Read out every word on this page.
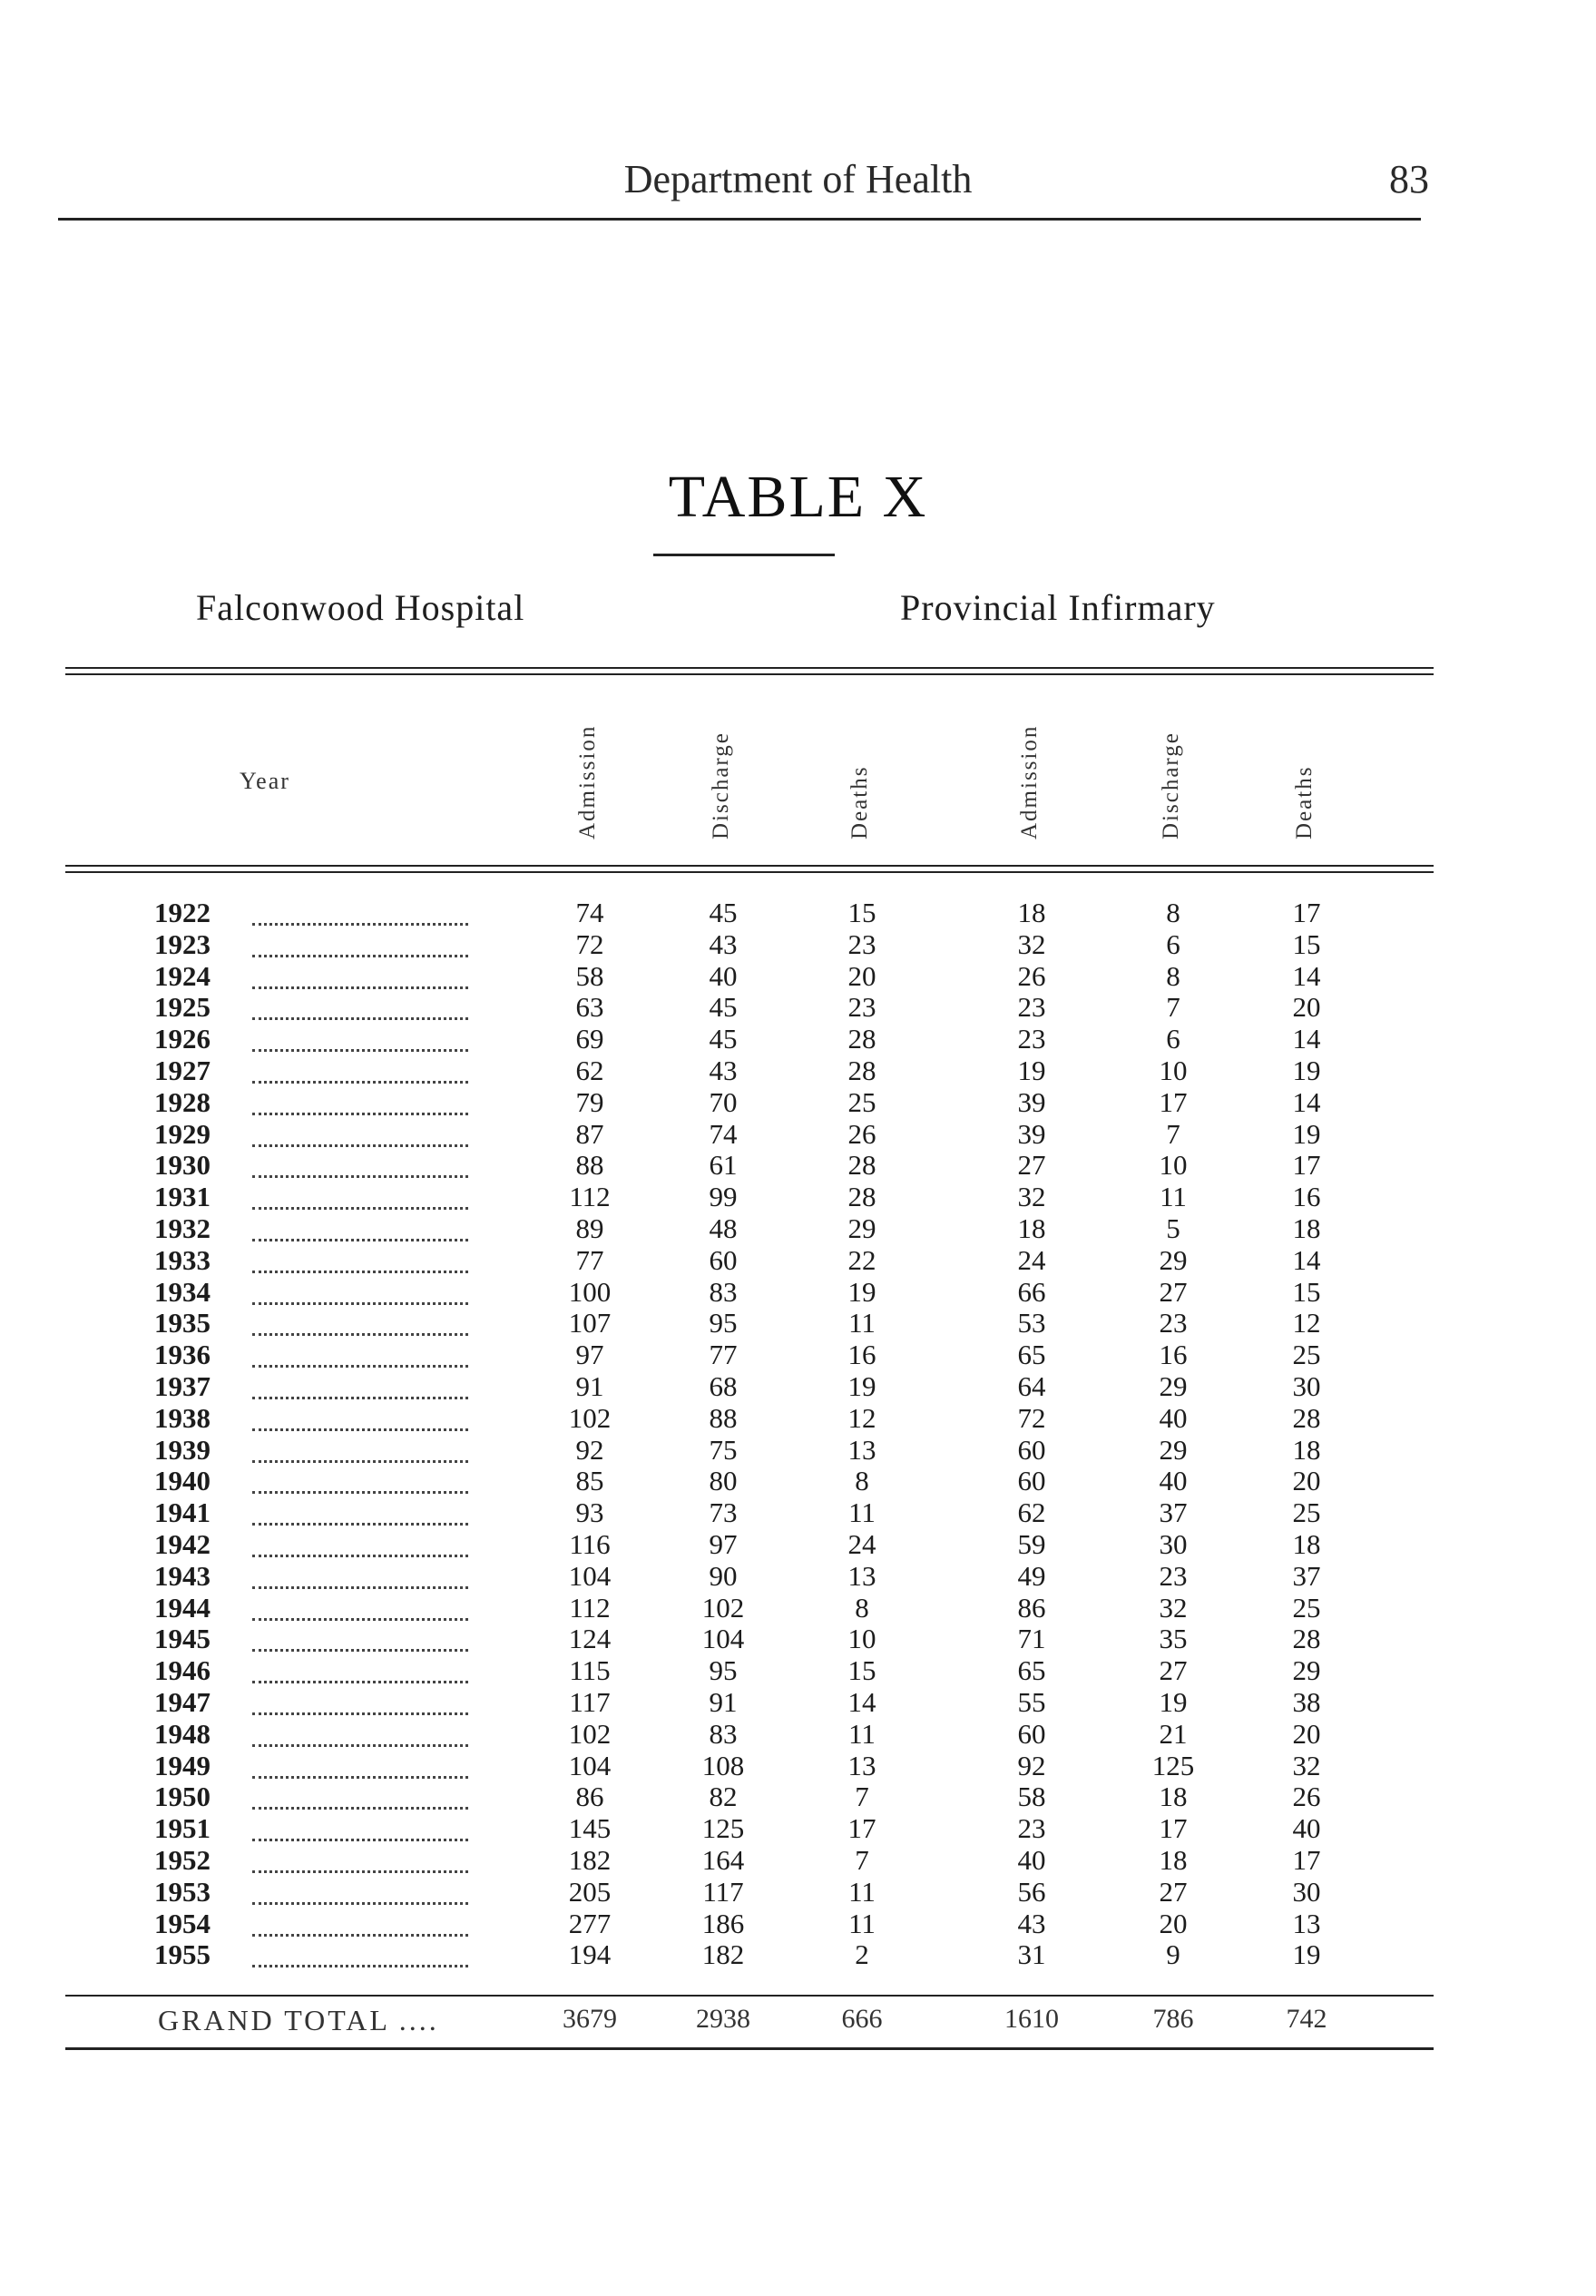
Department of Health	83
TABLE X
Falconwood Hospital	Provincial Infirmary
Year	Admission	Discharge	Deaths	Admission	Discharge	Deaths
1922	74	45	15	18	8	17
1923	72	43	23	32	6	15
1924	58	40	20	26	8	14
1925	63	45	23	23	7	20
1926	69	45	28	23	6	14
1927	62	43	28	19	10	19
1928	79	70	25	39	17	14
1929	87	74	26	39	7	19
1930	88	61	28	27	10	17
1931	112	99	28	32	11	16
1932	89	48	29	18	5	18
1933	77	60	22	24	29	14
1934	100	83	19	66	27	15
1935	107	95	11	53	23	12
1936	97	77	16	65	16	25
1937	91	68	19	64	29	30
1938	102	88	12	72	40	28
1939	92	75	13	60	29	18
1940	85	80	8	60	40	20
1941	93	73	11	62	37	25
1942	116	97	24	59	30	18
1943	104	90	13	49	23	37
1944	112	102	8	86	32	25
1945	124	104	10	71	35	28
1946	115	95	15	65	27	29
1947	117	91	14	55	19	38
1948	102	83	11	60	21	20
1949	104	108	13	92	125	32
1950	86	82	7	58	18	26
1951	145	125	17	23	17	40
1952	182	164	7	40	18	17
1953	205	117	11	56	27	30
1954	277	186	11	43	20	13
1955	194	182	2	31	9	19
GRAND TOTAL ....	3679	2938	666	1610	786	742
